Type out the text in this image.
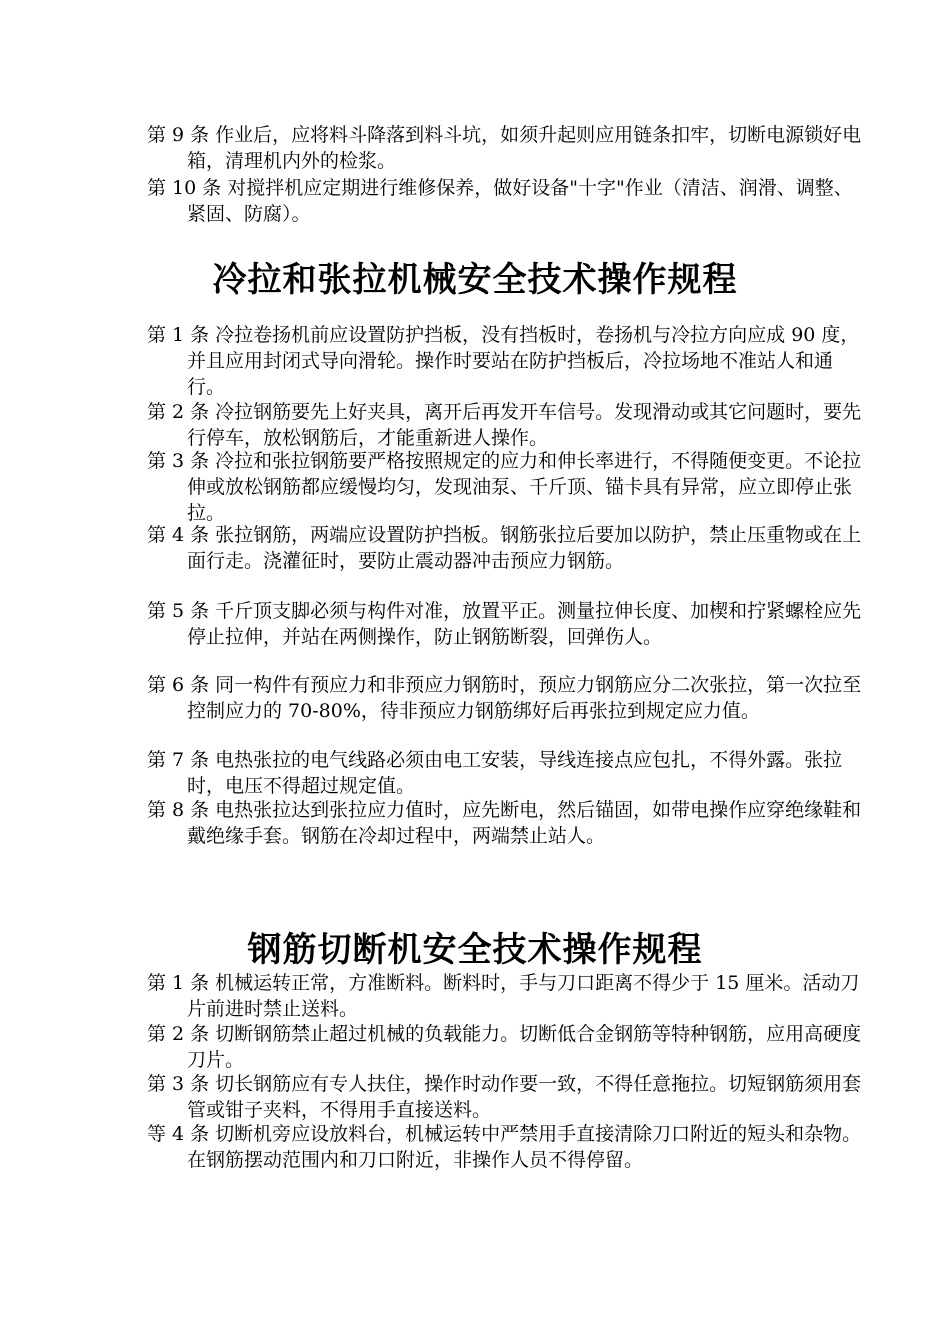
第 9 条 作业后，应将料斗降落到料斗坑，如须升起则应用链条扣牢，切断电源锁好电箱，清理机内外的检浆。

第 10 条 对搅拌机应定期进行维修保养，做好设备"十字"作业（清洁、润滑、调整、紧固、防腐）。

冷拉和张拉机械安全技术操作规程

第 1 条 冷拉卷扬机前应设置防护挡板，没有挡板时，卷扬机与冷拉方向应成 90 度，并且应用封闭式导向滑轮。操作时要站在防护挡板后，冷拉场地不准站人和通行。

第 2 条 冷拉钢筋要先上好夹具，离开后再发开车信号。发现滑动或其它问题时，要先行停车，放松钢筋后，才能重新进人操作。

第 3 条 冷拉和张拉钢筋要严格按照规定的应力和伸长率进行，不得随便变更。不论拉伸或放松钢筋都应缓慢均匀，发现油泵、千斤顶、锚卡具有异常，应立即停止张拉。

第 4 条 张拉钢筋，两端应设置防护挡板。钢筋张拉后要加以防护，禁止压重物或在上面行走。浇灌征时，要防止震动器冲击预应力钢筋。

第 5 条 千斤顶支脚必须与构件对准，放置平正。测量拉伸长度、加楔和拧紧螺栓应先停止拉伸，并站在两侧操作，防止钢筋断裂，回弹伤人。

第 6 条 同一构件有预应力和非预应力钢筋时，预应力钢筋应分二次张拉，第一次拉至控制应力的 70-80%，待非预应力钢筋绑好后再张拉到规定应力值。

第 7 条 电热张拉的电气线路必须由电工安装，导线连接点应包扎，不得外露。张拉时，电压不得超过规定值。

第 8 条 电热张拉达到张拉应力值时，应先断电，然后锚固，如带电操作应穿绝缘鞋和戴绝缘手套。钢筋在冷却过程中，两端禁止站人。

钢筋切断机安全技术操作规程

第 1 条 机械运转正常，方准断料。断料时，手与刀口距离不得少于 15 厘米。活动刀片前进时禁止送料。

第 2 条 切断钢筋禁止超过机械的负载能力。切断低合金钢筋等特种钢筋，应用高硬度刀片。

第 3 条 切长钢筋应有专人扶住，操作时动作要一致，不得任意拖拉。切短钢筋须用套管或钳子夹料，不得用手直接送料。

等 4 条 切断机旁应设放料台，机械运转中严禁用手直接清除刀口附近的短头和杂物。在钢筋摆动范围内和刀口附近，非操作人员不得停留。
